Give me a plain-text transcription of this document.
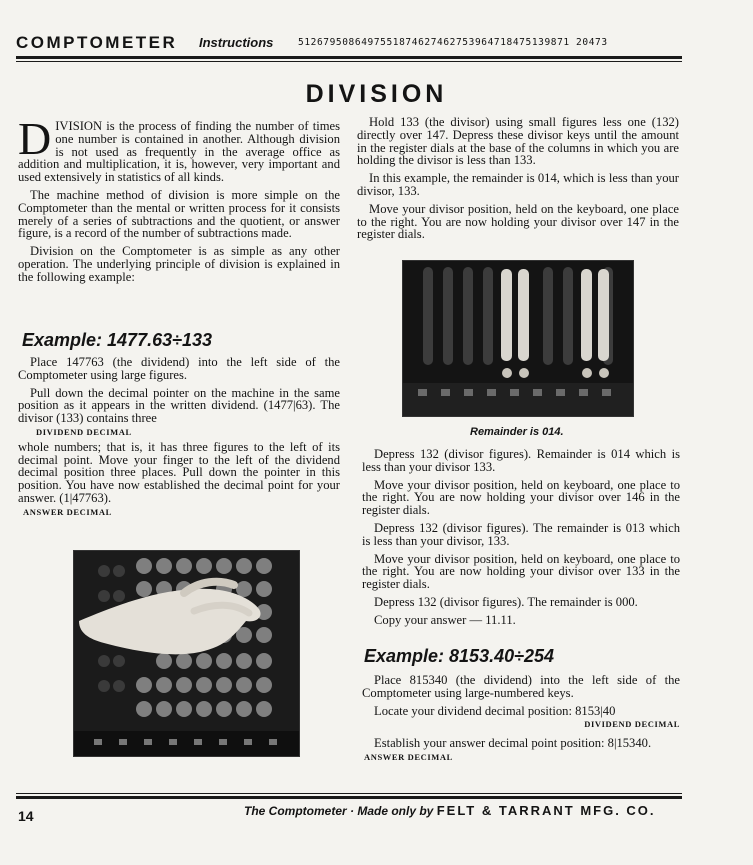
COMPTOMETER Instructions	5126795086497551874627462753964718475139871 20473
DIVISION

D IVISION is the process of finding the number of times one number is contained in another. Although division is not used as frequently in the average office as addition and multiplication, it is, however, very important and used extensively in statistics of all kinds.

The machine method of division is more simple on the Comptometer than the mental or written process for it consists merely of a series of subtractions and the quotient, or answer figure, is a record of the number of subtractions made.

Division on the Comptometer is as simple as any other operation. The underlying principle of division is explained in the following example:

Example: 1477.63÷133

Place 147763 (the dividend) into the left side of the Comptometer using large figures.

Pull down the decimal pointer on the machine in the same position as it appears in the written dividend. (1477|63). The divisor (133) contains three

DIVIDEND DECIMAL

whole numbers; that is, it has three figures to the left of its decimal point. Move your finger to the left of the dividend decimal position three places. Pull down the pointer in this position. You have now established the decimal point for your answer. (1|47763).

ANSWER DECIMAL

Hold 133 (the divisor) using small figures less one (132) directly over 147. Depress these divisor keys until the amount in the register dials at the base of the columns in which you are holding the divisor is less than 133.

In this example, the remainder is 014, which is less than your divisor, 133.

Move your divisor position, held on the keyboard, one place to the right. You are now holding your divisor over 147 in the register dials.

Remainder is 014.

Depress 132 (divisor figures). Remainder is 014 which is less than your divisor 133.

Move your divisor position, held on keyboard, one place to the right. You are now holding your divisor over 146 in the register dials.

Depress 132 (divisor figures). The remainder is 013 which is less than your divisor, 133.

Move your divisor position, held on keyboard, one place to the right. You are now holding your divisor over 133 in the register dials.

Depress 132 (divisor figures). The remainder is 000.

Copy your answer — 11.11.

Example: 8153.40÷254

Place 815340 (the dividend) into the left side of the Comptometer using large-numbered keys.

Locate your dividend decimal position: 8153|40

DIVIDEND DECIMAL

Establish your answer decimal point position: 8|15340.

ANSWER DECIMAL
14	The Comptometer · Made only by FELT & TARRANT MFG. CO.
